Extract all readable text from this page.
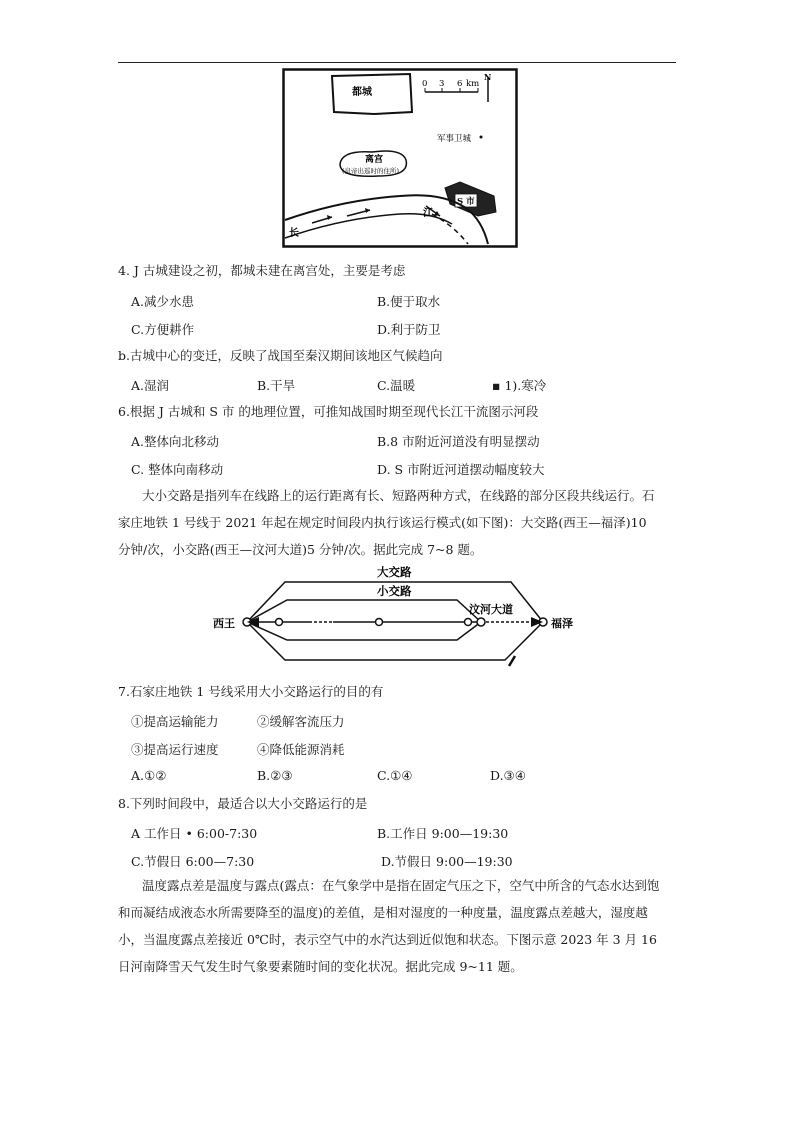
都城
0 3 6 km
N
军事卫城
离宫
(皇帝出巡时的住所)
S 市
长
江
4. J 古城建设之初，都城未建在离宫处，主要是考虑
A.减少水患	B.便于取水
C.方便耕作	D.利于防卫
b.古城中心的变迁，反映了战国至秦汉期间该地区气候趋向
A.湿润	B.干旱	C.温暖	▪ 1).寒冷
6.根据 J 古城和 S 市 的地理位置，可推知战国时期至现代长江干流图示河段
A.整体向北移动	B.8 市附近河道没有明显摆动
C. 整体向南移动	D. S 市附近河道摆动幅度较大
大小交路是指列车在线路上的运行距离有长、短路两种方式，在线路的部分区段共线运行。石家庄地铁 1 号线于 2021 年起在规定时间段内执行该运行模式(如下图)：大交路(西王—福泽)10 分钟/次，小交路(西王—汶河大道)5 分钟/次。据此完成 7~8 题。
大交路
小交路
西王
汶河大道
福泽
7.石家庄地铁 1 号线采用大小交路运行的目的有
①提高运输能力	②缓解客流压力
③提高运行速度	④降低能源消耗
A.①②	B.②③	C.①④	D.③④
8.下列时间段中，最适合以大小交路运行的是
A 工作日 • 6:00-7:30	B.工作日 9:00—19:30
C.节假日 6:00—7:30	D.节假日 9:00—19:30
温度露点差是温度与露点(露点：在气象学中是指在固定气压之下，空气中所含的气态水达到饱和而凝结成液态水所需要降至的温度)的差值，是相对湿度的一种度量，温度露点差越大，湿度越小，当温度露点差接近 0℃时，表示空气中的水汽达到近似饱和状态。下图示意 2023 年 3 月 16 日河南降雪天气发生时气象要素随时间的变化状况。据此完成 9~11 题。
